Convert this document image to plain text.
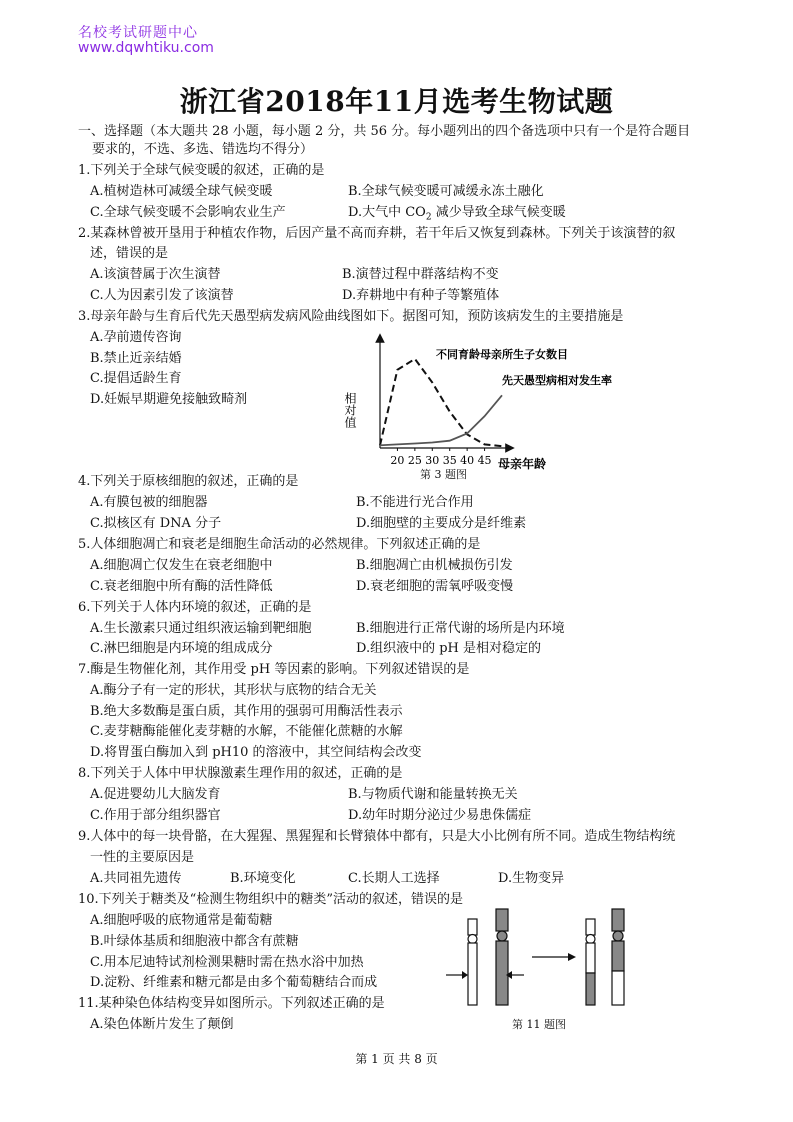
名校考试研题中心
www.dqwhtiku.com
浙江省2018年11月选考生物试题
一、选择题（本大题共 28 小题，每小题 2 分，共 56 分。每小题列出的四个备选项中只有一个是符合题目
要求的，不选、多选、错选均不得分）
1.下列关于全球气候变暖的叙述，正确的是
A.植树造林可减缓全球气候变暖	B.全球气候变暖可减缓永冻土融化
C.全球气候变暖不会影响农业生产	D.大气中 $CO_2$ 减少导致全球气候变暖
2.某森林曾被开垦用于种植农作物，后因产量不高而弃耕，若干年后又恢复到森林。下列关于该演替的叙
述，错误的是
A.该演替属于次生演替	B.演替过程中群落结构不变
C.人为因素引发了该演替	D.弃耕地中有种子等繁殖体
3.母亲年龄与生育后代先天愚型病发病风险曲线图如下。据图可知，预防该病发生的主要措施是
A.孕前遗传咨询
B.禁止近亲结婚
C.提倡适龄生育
D.妊娠早期避免接触致畸剂	相对值
母亲年龄
20 25 30 35 40 45
不同育龄母亲所生子女数目
先天愚型病相对发生率
第 3 题图
4.下列关于原核细胞的叙述，正确的是
A.有膜包被的细胞器	B.不能进行光合作用
C.拟核区有 DNA 分子	D.细胞壁的主要成分是纤维素
5.人体细胞凋亡和衰老是细胞生命活动的必然规律。下列叙述正确的是
A.细胞凋亡仅发生在衰老细胞中	B.细胞凋亡由机械损伤引发
C.衰老细胞中所有酶的活性降低	D.衰老细胞的需氧呼吸变慢
6.下列关于人体内环境的叙述，正确的是
A.生长激素只通过组织液运输到靶细胞	B.细胞进行正常代谢的场所是内环境
C.淋巴细胞是内环境的组成成分	D.组织液中的 pH 是相对稳定的
7.酶是生物催化剂，其作用受 pH 等因素的影响。下列叙述错误的是
A.酶分子有一定的形状，其形状与底物的结合无关
B.绝大多数酶是蛋白质，其作用的强弱可用酶活性表示
C.麦芽糖酶能催化麦芽糖的水解，不能催化蔗糖的水解
D.将胃蛋白酶加入到 pH10 的溶液中，其空间结构会改变
8.下列关于人体中甲状腺激素生理作用的叙述，正确的是
A.促进婴幼儿大脑发育	B.与物质代谢和能量转换无关
C.作用于部分组织器官	D.幼年时期分泌过少易患侏儒症
9.人体中的每一块骨骼，在大猩猩、黑猩猩和长臂猿体中都有，只是大小比例有所不同。造成生物结构统
一性的主要原因是
A.共同祖先遗传	B.环境变化	C.长期人工选择	D.生物变异
10.下列关于糖类及“检测生物组织中的糖类”活动的叙述，错误的是
A.细胞呼吸的底物通常是葡萄糖
B.叶绿体基质和细胞液中都含有蔗糖
C.用本尼迪特试剂检测果糖时需在热水浴中加热
D.淀粉、纤维素和糖元都是由多个葡萄糖结合而成
11.某种染色体结构变异如图所示。下列叙述正确的是
A.染色体断片发生了颠倒	第 11 题图
第 1 页 共 8 页
